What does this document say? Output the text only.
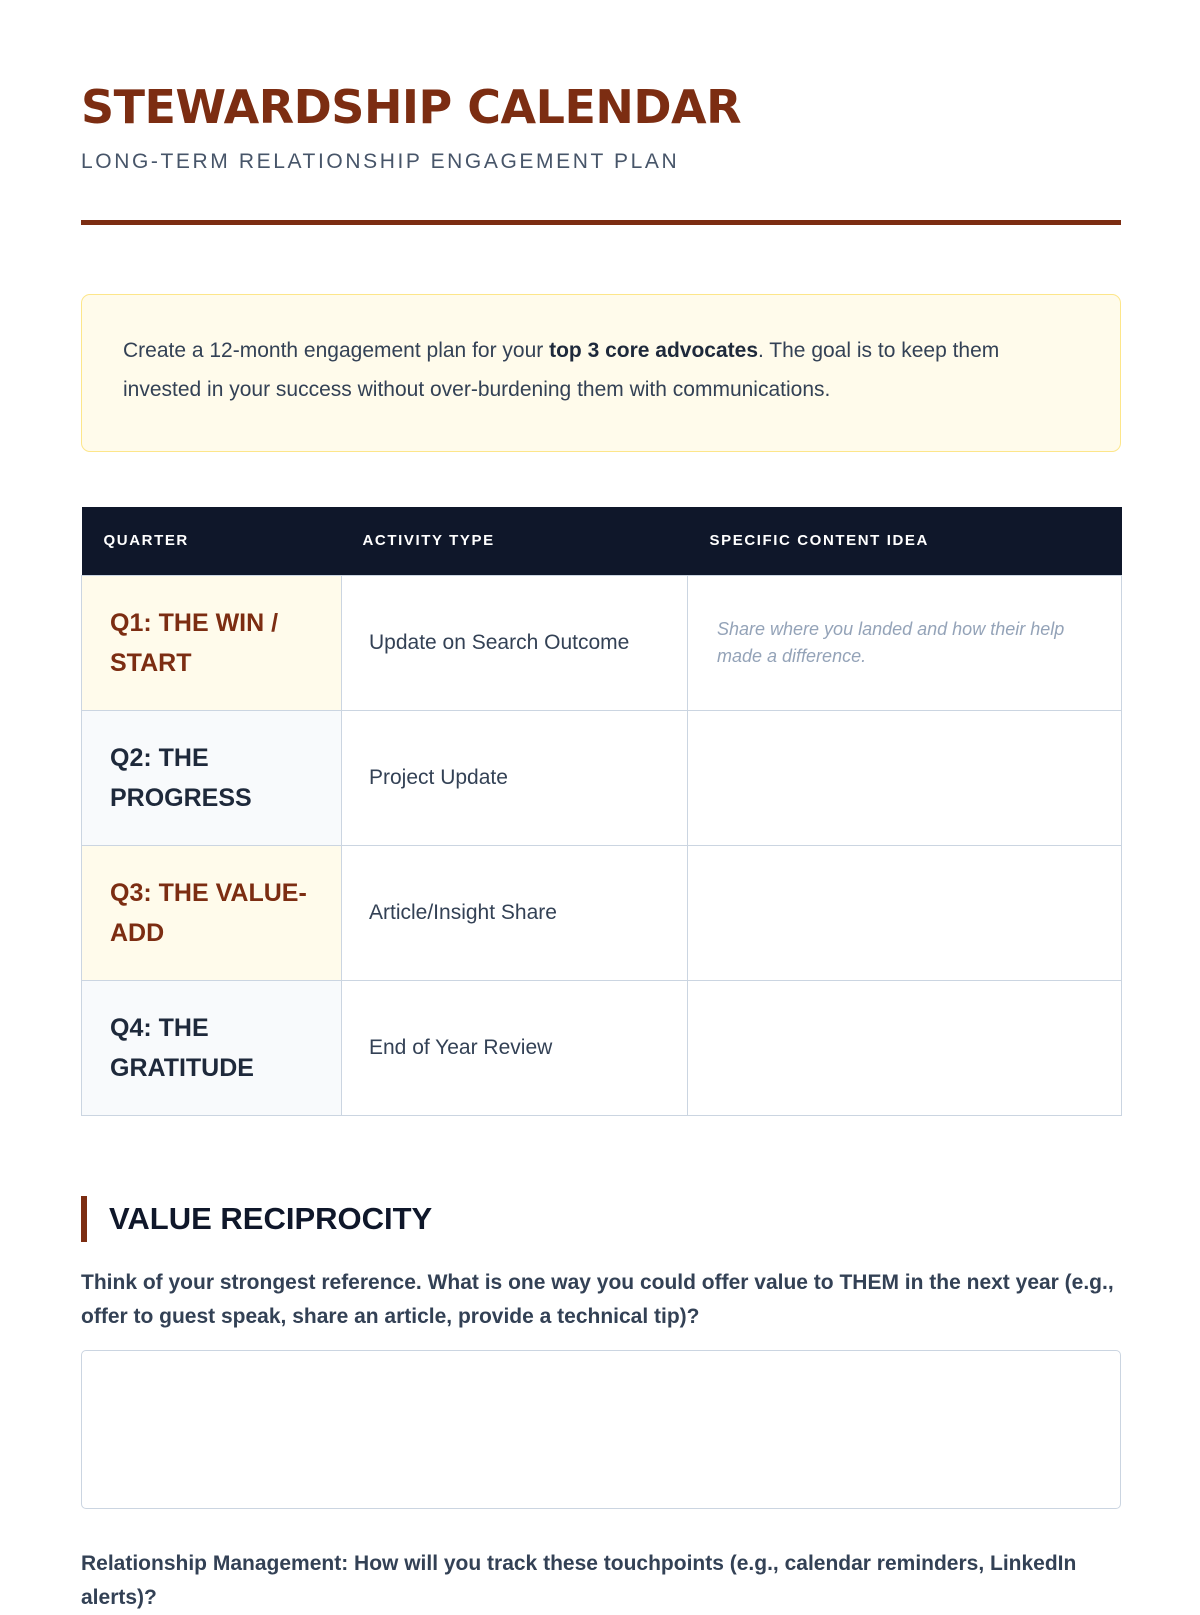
STEWARDSHIP CALENDAR
LONG-TERM RELATIONSHIP ENGAGEMENT PLAN
Create a 12-month engagement plan for your top 3 core advocates. The goal is to keep them invested in your success without over-burdening them with communications.
QUARTER	ACTIVITY TYPE	SPECIFIC CONTENT IDEA
Q1: THE WIN / START	Update on Search Outcome	Share where you landed and how their help made a difference.
Q2: THE PROGRESS	Project Update	
Q3: THE VALUE-ADD	Article/Insight Share	
Q4: THE GRATITUDE	End of Year Review	
VALUE RECIPROCITY
Think of your strongest reference. What is one way you could offer value to THEM in the next year (e.g., offer to guest speak, share an article, provide a technical tip)?
Relationship Management: How will you track these touchpoints (e.g., calendar reminders, LinkedIn alerts)?
